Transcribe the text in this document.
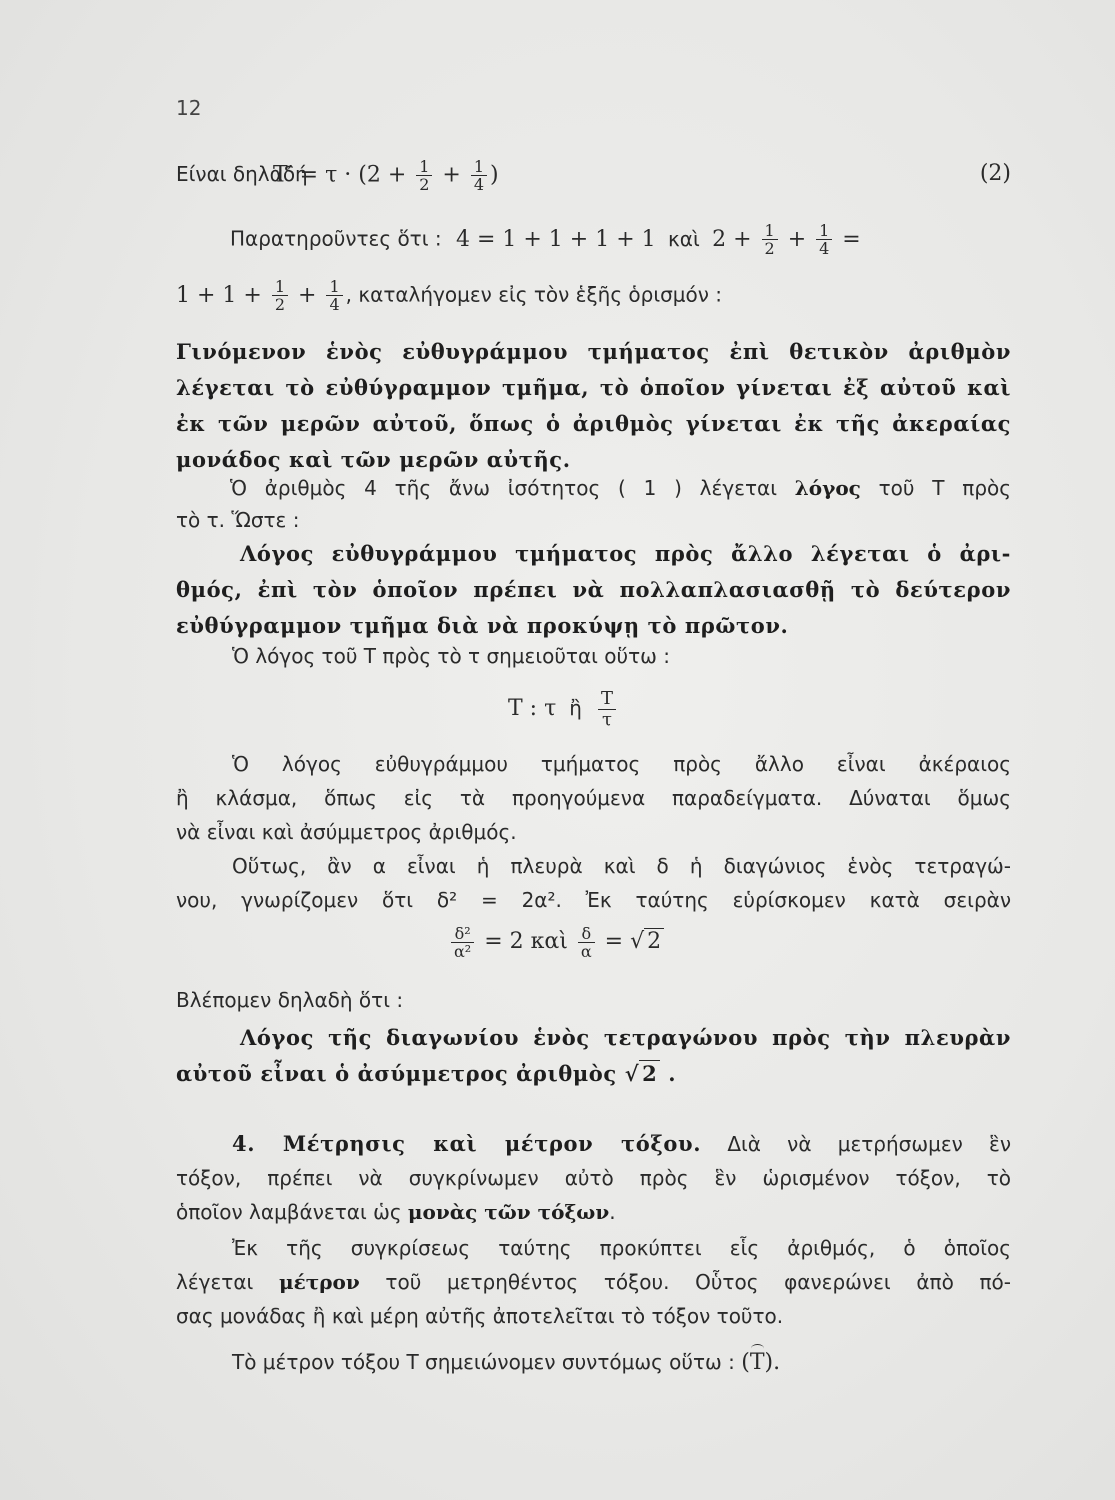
12
Είναι δηλαδή
$T' = \tau \cdot (2 + \frac{1}{2} + \frac{1}{4}$ )	(2)
Παρατηροῦντες ὅτι : 4 = 1 + 1 + 1 + 1 καὶ $2 + \frac{1}{2} + \frac{1}{4}$ =
$1 + 1 + \frac{1}{2} + \frac{1}{4}$ , καταλήγομεν εἰς τὸν ἑξῆς ὁρισμόν :
Γινόμενον ἑνὸς εὐθυγράμμου τμήματος ἐπὶ θετικὸν ἀριθμὸν
λέγεται τὸ εὐθύγραμμον τμῆμα, τὸ ὁποῖον γίνεται ἐξ αὐτοῦ καὶ
ἐκ τῶν μερῶν αὐτοῦ, ὅπως ὁ ἀριθμὸς γίνεται ἐκ τῆς ἀκεραίας
μονάδος καὶ τῶν μερῶν αὐτῆς.
Ὁ ἀριθμὸς 4 τῆς ἄνω ἰσότητος ( 1 ) λέγεται λόγος τοῦ Τ πρὸς
τὸ τ. Ὥστε :
Λόγος εὐθυγράμμου τμήματος πρὸς ἄλλο λέγεται ὁ ἀρι-
θμός, ἐπὶ τὸν ὁποῖον πρέπει νὰ πολλαπλασιασθῇ τὸ δεύτερον
εὐθύγραμμον τμῆμα διὰ νὰ προκύψῃ τὸ πρῶτον.
Ὁ λόγος τοῦ Τ πρὸς τὸ τ σημειοῦται οὕτω :
Τ : τ ἢ $\frac{T}{\tau}$
Ὁ λόγος εὐθυγράμμου τμήματος πρὸς ἄλλο εἶναι ἀκέραιος
ἢ κλάσμα, ὅπως εἰς τὰ προηγούμενα παραδείγματα. Δύναται ὅμως
νὰ εἶναι καὶ ἀσύμμετρος ἀριθμός.
Οὕτως, ἂν α εἶναι ἡ πλευρὰ καὶ δ ἡ διαγώνιος ἑνὸς τετραγώ-
νου, γνωρίζομεν ὅτι δ² = 2α². Ἐκ ταύτης εὑρίσκομεν κατὰ σειρὰν
$\frac{\text{δ²}}{\text{α²}} = 2$ καὶ $\frac{\delta}{\alpha}$ = √ 2
Βλέπομεν δηλαδὴ ὅτι :
Λόγος τῆς διαγωνίου ἑνὸς τετραγώνου πρὸς τὴν πλευρὰν
αὐτοῦ εἶναι ὁ ἀσύμμετρος ἀριθμὸς √ 2 .
4. Μέτρησις καὶ μέτρον τόξου. Διὰ νὰ μετρήσωμεν ἓν
τόξον, πρέπει νὰ συγκρίνωμεν αὐτὸ πρὸς ἓν ὡρισμένον τόξον, τὸ
ὁποῖον λαμβάνεται ὡς μονὰς τῶν τόξων.
Ἐκ τῆς συγκρίσεως ταύτης προκύπτει εἷς ἀριθμός, ὁ ὁποῖος
λέγεται μέτρον τοῦ μετρηθέντος τόξου. Οὗτος φανερώνει ἀπὸ πό-
σας μονάδας ἢ καὶ μέρη αὐτῆς ἀποτελεῖται τὸ τόξον τοῦτο.
Τὸ μέτρον τόξου Τ σημειώνομεν συντόμως οὕτω : (Τ).
